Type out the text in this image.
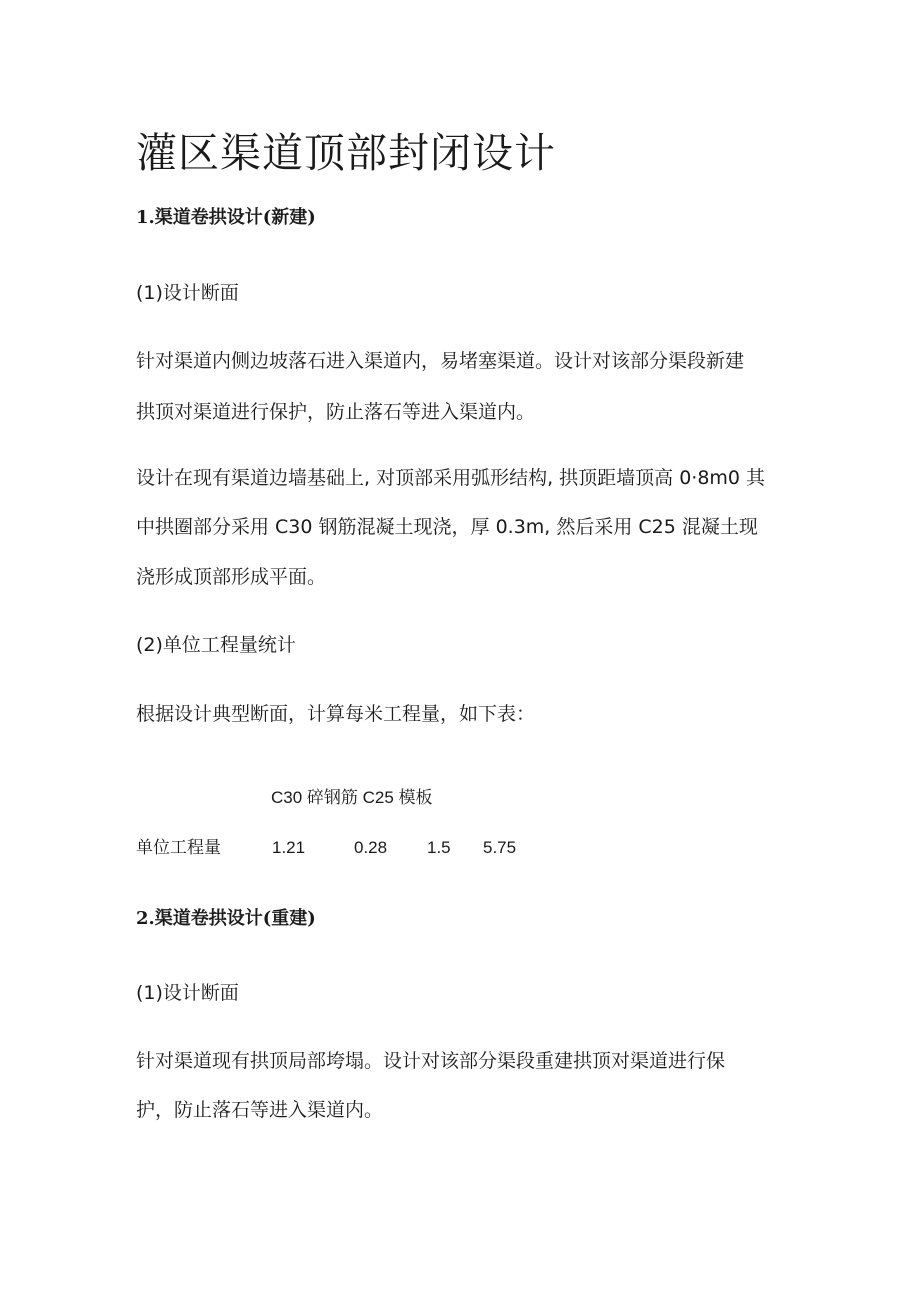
灌区渠道顶部封闭设计
1.渠道卷拱设计(新建)
(1)设计断面
针对渠道内侧边坡落石进入渠道内，易堵塞渠道。设计对该部分渠段新建
拱顶对渠道进行保护，防止落石等进入渠道内。
设计在现有渠道边墙基础上, 对顶部采用弧形结构, 拱顶距墙顶高 0·8m0 其
中拱圈部分采用 C30 钢筋混凝土现浇，厚 0.3m, 然后采用 C25 混凝土现
浇形成顶部形成平面。
(2)单位工程量统计
根据设计典型断面，计算每米工程量，如下表：
C30 碎钢筋 C25 模板
单位工程量	1.21	0.28 1.5 5.75
2.渠道卷拱设计(重建)
(1)设计断面
针对渠道现有拱顶局部垮塌。设计对该部分渠段重建拱顶对渠道进行保
护，防止落石等进入渠道内。
